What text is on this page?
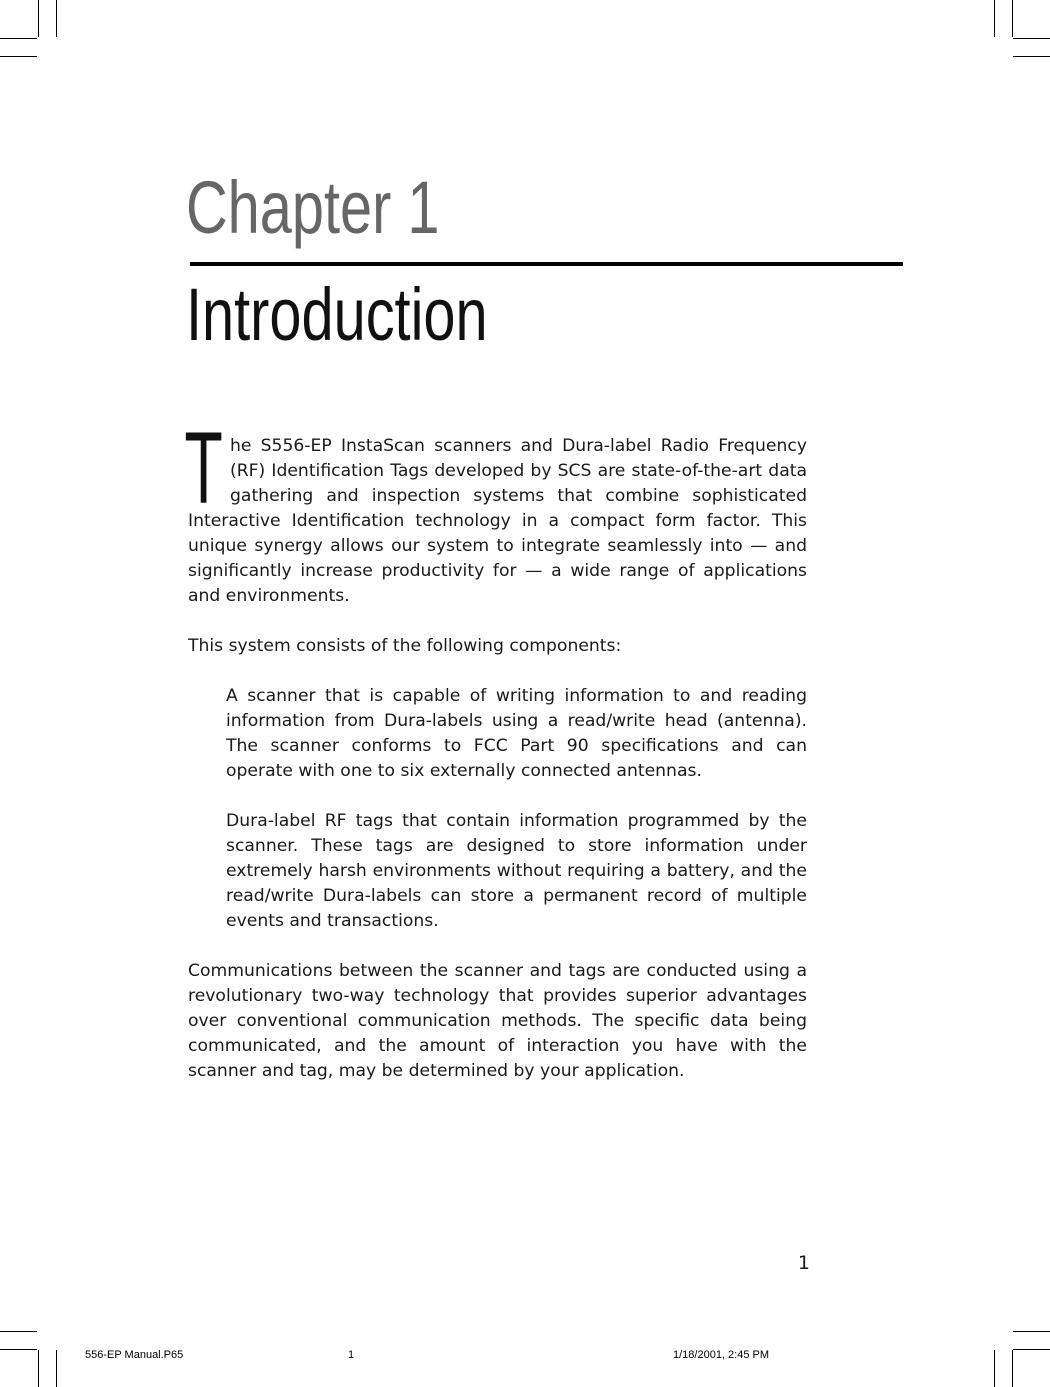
Chapter 1
Introduction

The S556-EP InstaScan scanners and Dura-label Radio Frequency (RF) Identification Tags developed by SCS are state-of-the-art data gathering and inspection systems that combine sophisticated Interactive Identification technology in a compact form factor. This unique synergy allows our system to integrate seamlessly into — and significantly increase productivity for — a wide range of applications and environments.

This system consists of the following components:

A scanner that is capable of writing information to and reading information from Dura-labels using a read/write head (antenna). The scanner conforms to FCC Part 90 specifications and can operate with one to six externally connected antennas.

Dura-label RF tags that contain information programmed by the scanner. These tags are designed to store information under extremely harsh environments without requiring a battery, and the read/write Dura-labels can store a permanent record of multiple events and transactions.

Communications between the scanner and tags are conducted using a revolutionary two-way technology that provides superior advantages over conventional communication methods. The specific data being communicated, and the amount of interaction you have with the scanner and tag, may be determined by your application.

1
556-EP Manual.P65	1	1/18/2001, 2:45 PM
